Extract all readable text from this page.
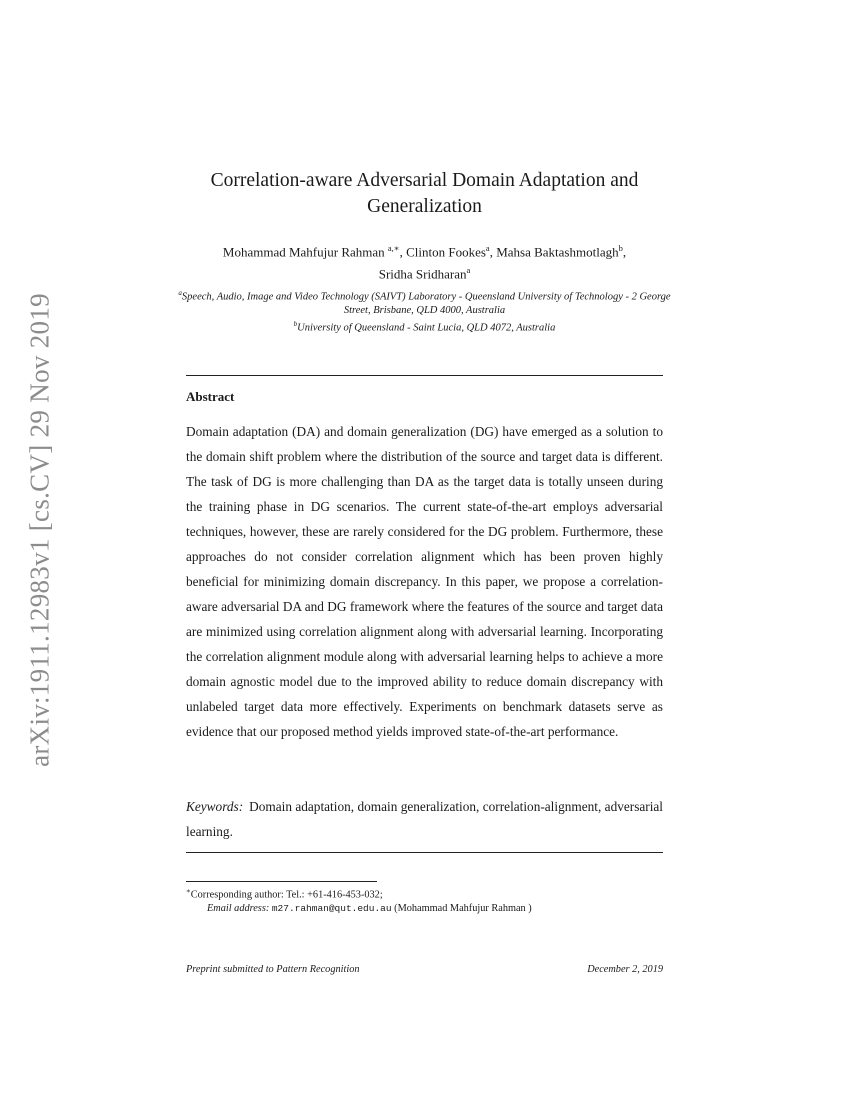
arXiv:1911.12983v1 [cs.CV] 29 Nov 2019
Correlation-aware Adversarial Domain Adaptation and Generalization
Mohammad Mahfujur Rahman $^{a,∗}$, Clinton Fookes$^a$, Mahsa Baktashmotlagh$^b$,
Sridha Sridharan$^a$
$^a$Speech, Audio, Image and Video Technology (SAIVT) Laboratory - Queensland University of Technology - 2 George Street, Brisbane, QLD 4000, Australia
$^b$University of Queensland - Saint Lucia, QLD 4072, Australia
Abstract

Domain adaptation (DA) and domain generalization (DG) have emerged as a solution to the domain shift problem where the distribution of the source and target data is different. The task of DG is more challenging than DA as the target data is totally unseen during the training phase in DG scenarios. The current state-of-the-art employs adversarial techniques, however, these are rarely considered for the DG problem. Furthermore, these approaches do not consider correlation alignment which has been proven highly beneficial for minimizing domain discrepancy. In this paper, we propose a correlation-aware adversarial DA and DG framework where the features of the source and target data are minimized using correlation alignment along with adversarial learning. Incorporating the correlation alignment module along with adversarial learning helps to achieve a more domain agnostic model due to the improved ability to reduce domain discrepancy with unlabeled target data more effectively. Experiments on benchmark datasets serve as evidence that our proposed method yields improved state-of-the-art performance.

Keywords: Domain adaptation, domain generalization, correlation-alignment, adversarial learning.

∗Corresponding author: Tel.: +61-416-453-032;
Email address: m27.rahman@qut.edu.au (Mohammad Mahfujur Rahman )
Preprint submitted to Pattern Recognition	December 2, 2019
